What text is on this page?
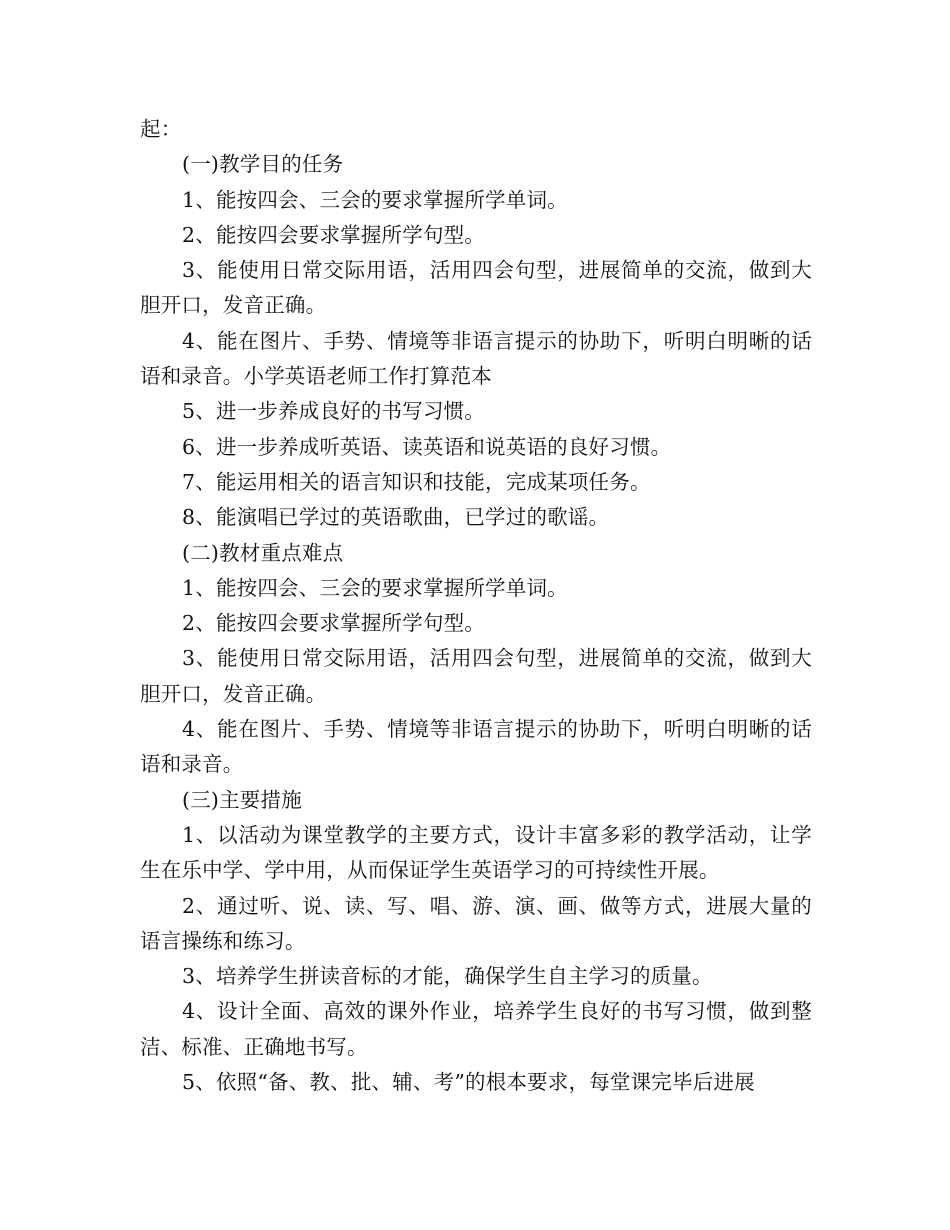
起：

(一)教学目的任务

1、能按四会、三会的要求掌握所学单词。

2、能按四会要求掌握所学句型。

3、能使用日常交际用语，活用四会句型，进展简单的交流，做到大胆开口，发音正确。

4、能在图片、手势、情境等非语言提示的协助下，听明白明晰的话语和录音。小学英语老师工作打算范本

5、进一步养成良好的书写习惯。

6、进一步养成听英语、读英语和说英语的良好习惯。

7、能运用相关的语言知识和技能，完成某项任务。

8、能演唱已学过的英语歌曲，已学过的歌谣。

(二)教材重点难点

1、能按四会、三会的要求掌握所学单词。

2、能按四会要求掌握所学句型。

3、能使用日常交际用语，活用四会句型，进展简单的交流，做到大胆开口，发音正确。

4、能在图片、手势、情境等非语言提示的协助下，听明白明晰的话语和录音。

(三)主要措施

1、以活动为课堂教学的主要方式，设计丰富多彩的教学活动，让学生在乐中学、学中用，从而保证学生英语学习的可持续性开展。

2、通过听、说、读、写、唱、游、演、画、做等方式，进展大量的语言操练和练习。

3、培养学生拼读音标的才能，确保学生自主学习的质量。

4、设计全面、高效的课外作业，培养学生良好的书写习惯，做到整洁、标准、正确地书写。

5、依照“备、教、批、辅、考”的根本要求，每堂课完毕后进展
